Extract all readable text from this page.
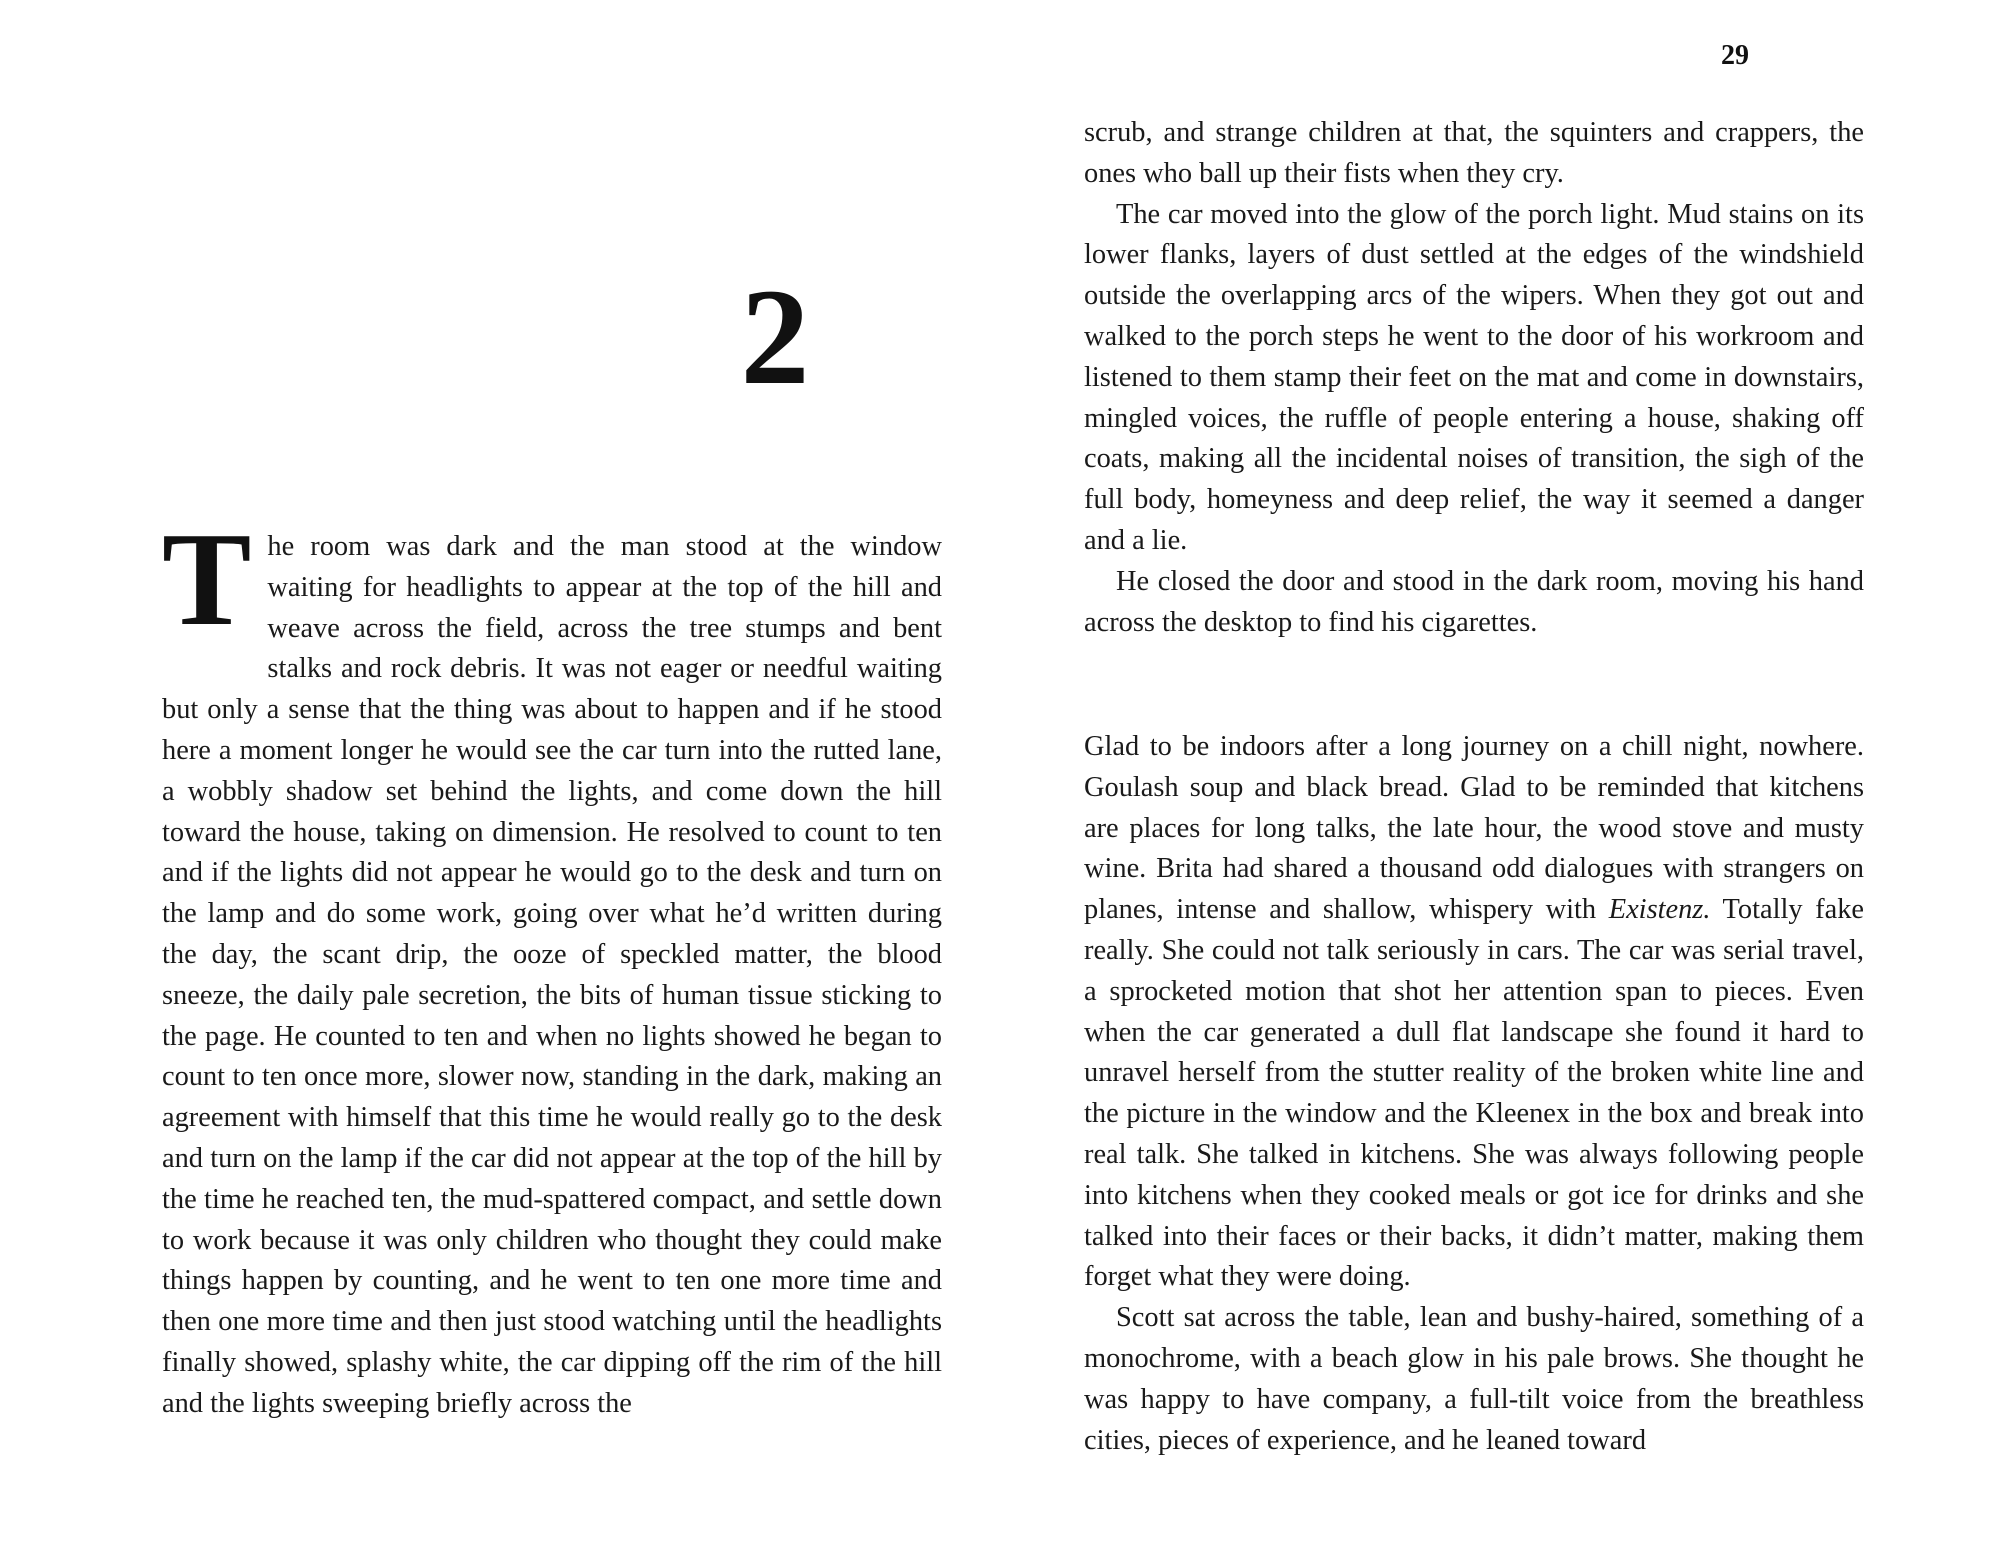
2

The room was dark and the man stood at the window waiting for headlights to appear at the top of the hill and weave across the field, across the tree stumps and bent stalks and rock debris. It was not eager or needful waiting but only a sense that the thing was about to happen and if he stood here a moment longer he would see the car turn into the rutted lane, a wobbly shadow set behind the lights, and come down the hill toward the house, taking on dimension. He resolved to count to ten and if the lights did not appear he would go to the desk and turn on the lamp and do some work, going over what he’d written during the day, the scant drip, the ooze of speckled matter, the blood sneeze, the daily pale secretion, the bits of human tissue sticking to the page. He counted to ten and when no lights showed he began to count to ten once more, slower now, standing in the dark, making an agreement with himself that this time he would really go to the desk and turn on the lamp if the car did not appear at the top of the hill by the time he reached ten, the mud-spattered compact, and settle down to work because it was only children who thought they could make things happen by counting, and he went to ten one more time and then one more time and then just stood watching until the headlights finally showed, splashy white, the car dipping off the rim of the hill and the lights sweeping briefly across the

29

scrub, and strange children at that, the squinters and crappers, the ones who ball up their fists when they cry.

The car moved into the glow of the porch light. Mud stains on its lower flanks, layers of dust settled at the edges of the windshield outside the overlapping arcs of the wipers. When they got out and walked to the porch steps he went to the door of his workroom and listened to them stamp their feet on the mat and come in downstairs, mingled voices, the ruffle of people entering a house, shaking off coats, making all the incidental noises of transition, the sigh of the full body, homeyness and deep relief, the way it seemed a danger and a lie.

He closed the door and stood in the dark room, moving his hand across the desktop to find his cigarettes.

Glad to be indoors after a long journey on a chill night, nowhere. Goulash soup and black bread. Glad to be reminded that kitchens are places for long talks, the late hour, the wood stove and musty wine. Brita had shared a thousand odd dialogues with strangers on planes, intense and shallow, whispery with Existenz. Totally fake really. She could not talk seriously in cars. The car was serial travel, a sprocketed motion that shot her attention span to pieces. Even when the car generated a dull flat landscape she found it hard to unravel herself from the stutter reality of the broken white line and the picture in the window and the Kleenex in the box and break into real talk. She talked in kitchens. She was always following people into kitchens when they cooked meals or got ice for drinks and she talked into their faces or their backs, it didn’t matter, making them forget what they were doing.

Scott sat across the table, lean and bushy-haired, something of a monochrome, with a beach glow in his pale brows. She thought he was happy to have company, a full-tilt voice from the breathless cities, pieces of experience, and he leaned toward
